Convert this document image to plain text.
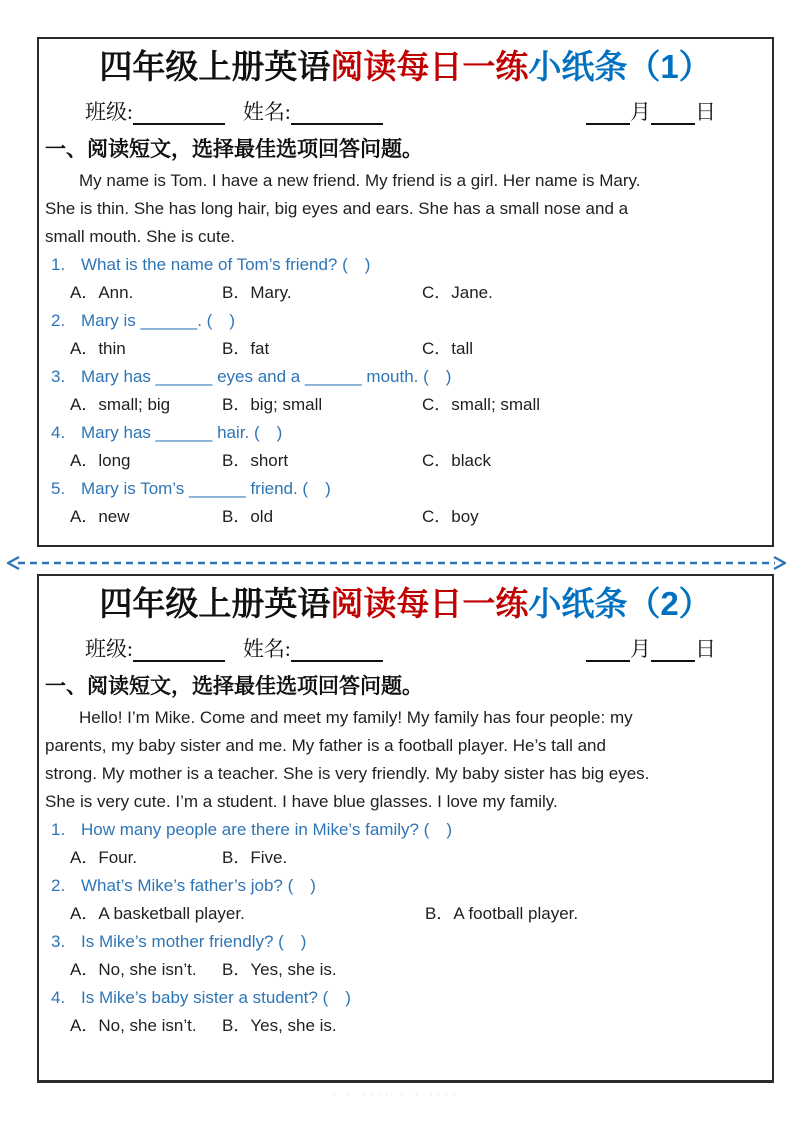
四年级上册英语阅读每日一练小纸条（1）
班级:	姓名:	月 日
一、阅读短文，选择最佳选项回答问题。
My name is Tom. I have a new friend. My friend is a girl. Her name is Mary.
She is thin. She has long hair, big eyes and ears. She has a small nose and a
small mouth. She is cute.
1. What is the name of Tom’s friend? (  )
A．Ann.	B．Mary.	C．Jane.
2. Mary is ______. (  )
A．thin	B．fat	C．tall
3. Mary has ______ eyes and a ______ mouth. (  )
A．small; big	B．big; small	C．small; small
4. Mary has ______ hair. (  )
A．long	B．short	C．black
5. Mary is Tom’s ______ friend. (  )
A．new	B．old	C．boy
四年级上册英语阅读每日一练小纸条（2）
班级:	姓名:	月 日
一、阅读短文，选择最佳选项回答问题。
Hello! I’m Mike. Come and meet my family! My family has four people: my
parents, my baby sister and me. My father is a football player. He’s tall and
strong. My mother is a teacher. She is very friendly. My baby sister has big eyes.
She is very cute. I’m a student. I have blue glasses. I love my family.
1. How many people are there in Mike’s family? (  )
A．Four.	B．Five.
2. What’s Mike’s father’s job? (  )
A．A basketball player.	B．A football player.
3. Is Mike’s mother friendly? (  )
A．No, she isn’t.	B．Yes, she is.
4. Is Mike’s baby sister a student? (  )
A．No, she isn’t.	B．Yes, she is.
· · ···· · · ····
